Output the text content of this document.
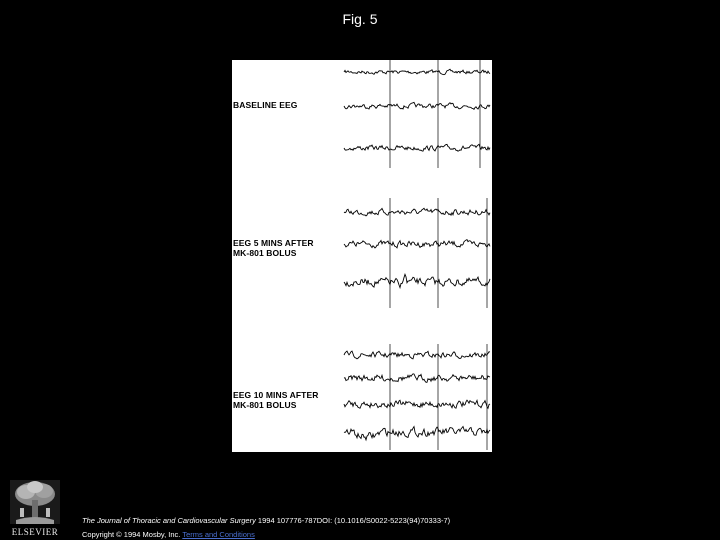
Fig. 5
BASELINE EEG
EEG 5 MINS AFTER
MK-801 BOLUS
EEG 10 MINS AFTER
MK-801 BOLUS
ELSEVIER
The Journal of Thoracic and Cardiovascular Surgery 1994 107776-787DOI: (10.1016/S0022-5223(94)70333-7)
Copyright © 1994 Mosby, Inc. Terms and Conditions
